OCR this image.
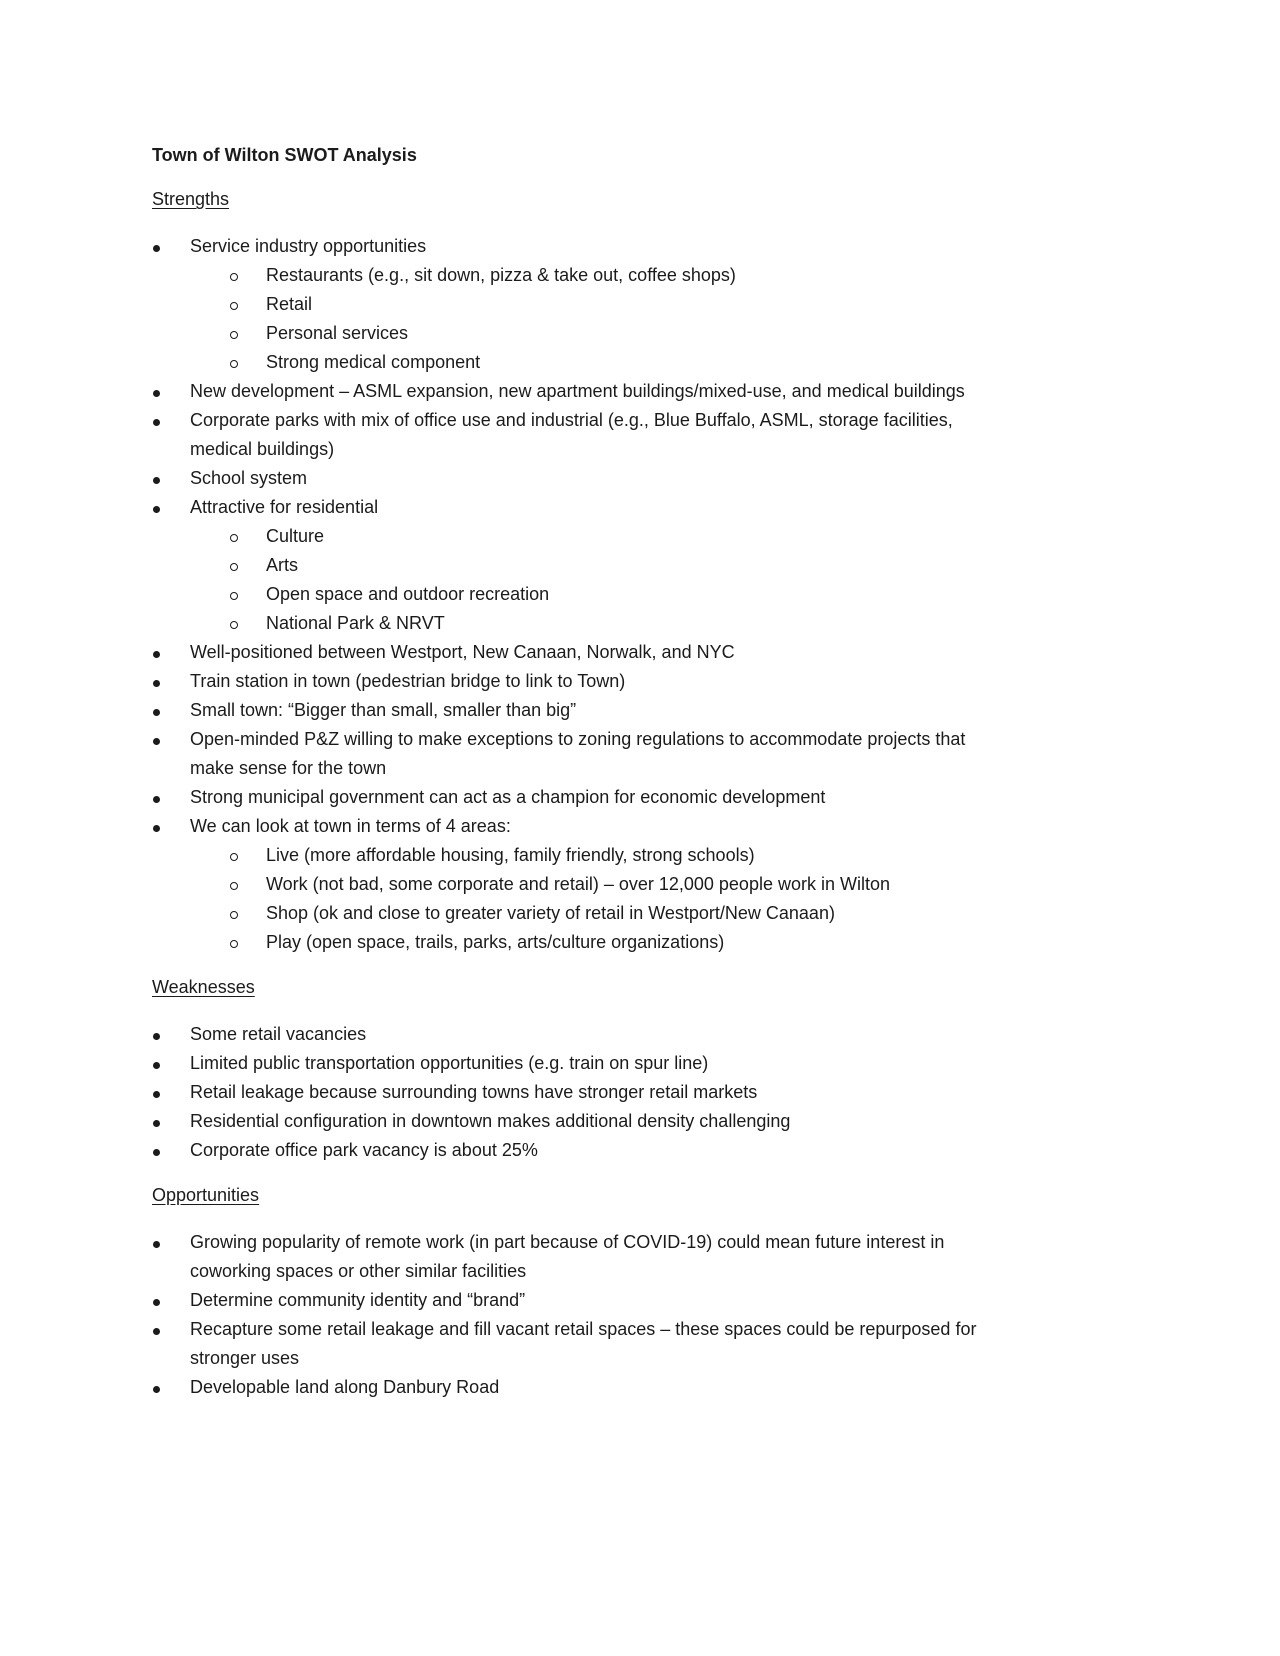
Town of Wilton SWOT Analysis
Strengths
Service industry opportunities
Restaurants (e.g., sit down, pizza & take out, coffee shops)
Retail
Personal services
Strong medical component
New development – ASML expansion, new apartment buildings/mixed-use, and medical buildings
Corporate parks with mix of office use and industrial (e.g., Blue Buffalo, ASML, storage facilities,
medical buildings)
School system
Attractive for residential
Culture
Arts
Open space and outdoor recreation
National Park & NRVT
Well-positioned between Westport, New Canaan, Norwalk, and NYC
Train station in town (pedestrian bridge to link to Town)
Small town: “Bigger than small, smaller than big”
Open-minded P&Z willing to make exceptions to zoning regulations to accommodate projects that
make sense for the town
Strong municipal government can act as a champion for economic development
We can look at town in terms of 4 areas:
Live (more affordable housing, family friendly, strong schools)
Work (not bad, some corporate and retail) – over 12,000 people work in Wilton
Shop (ok and close to greater variety of retail in Westport/New Canaan)
Play (open space, trails, parks, arts/culture organizations)
Weaknesses
Some retail vacancies
Limited public transportation opportunities (e.g. train on spur line)
Retail leakage because surrounding towns have stronger retail markets
Residential configuration in downtown makes additional density challenging
Corporate office park vacancy is about 25%
Opportunities
Growing popularity of remote work (in part because of COVID-19) could mean future interest in
coworking spaces or other similar facilities
Determine community identity and “brand”
Recapture some retail leakage and fill vacant retail spaces – these spaces could be repurposed for
stronger uses
Developable land along Danbury Road
